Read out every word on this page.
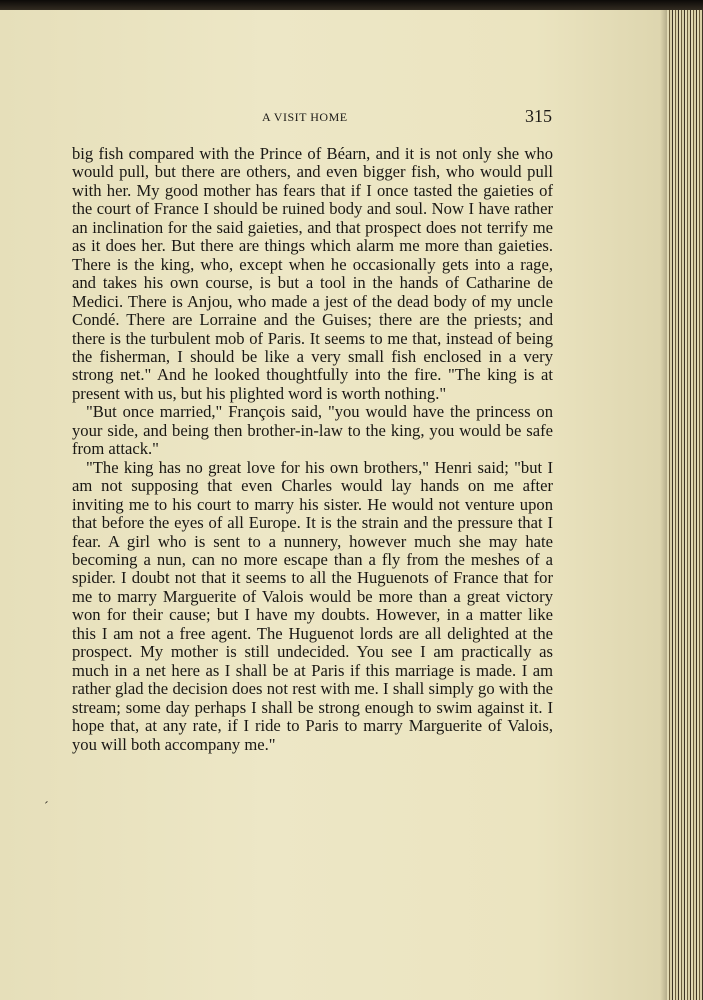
A VISIT HOME	315

big fish compared with the Prince of Béarn, and it is not only she who would pull, but there are others, and even bigger fish, who would pull with her. My good mother has fears that if I once tasted the gaieties of the court of France I should be ruined body and soul. Now I have rather an inclination for the said gaieties, and that prospect does not terrify me as it does her. But there are things which alarm me more than gaieties. There is the king, who, except when he occasionally gets into a rage, and takes his own course, is but a tool in the hands of Catharine de Medici. There is Anjou, who made a jest of the dead body of my uncle Condé. There are Lorraine and the Guises; there are the priests; and there is the turbulent mob of Paris. It seems to me that, instead of being the fisherman, I should be like a very small fish enclosed in a very strong net." And he looked thoughtfully into the fire. "The king is at present with us, but his plighted word is worth nothing."

"But once married," François said, "you would have the princess on your side, and being then brother-in-law to the king, you would be safe from attack."

"The king has no great love for his own brothers," Henri said; "but I am not supposing that even Charles would lay hands on me after inviting me to his court to marry his sister. He would not venture upon that before the eyes of all Europe. It is the strain and the pressure that I fear. A girl who is sent to a nunnery, however much she may hate becoming a nun, can no more escape than a fly from the meshes of a spider. I doubt not that it seems to all the Huguenots of France that for me to marry Marguerite of Valois would be more than a great victory won for their cause; but I have my doubts. However, in a matter like this I am not a free agent. The Huguenot lords are all delighted at the prospect. My mother is still undecided. You see I am practically as much in a net here as I shall be at Paris if this marriage is made. I am rather glad the decision does not rest with me. I shall simply go with the stream; some day perhaps I shall be strong enough to swim against it. I hope that, at any rate, if I ride to Paris to marry Marguerite of Valois, you will both accompany me."

´
